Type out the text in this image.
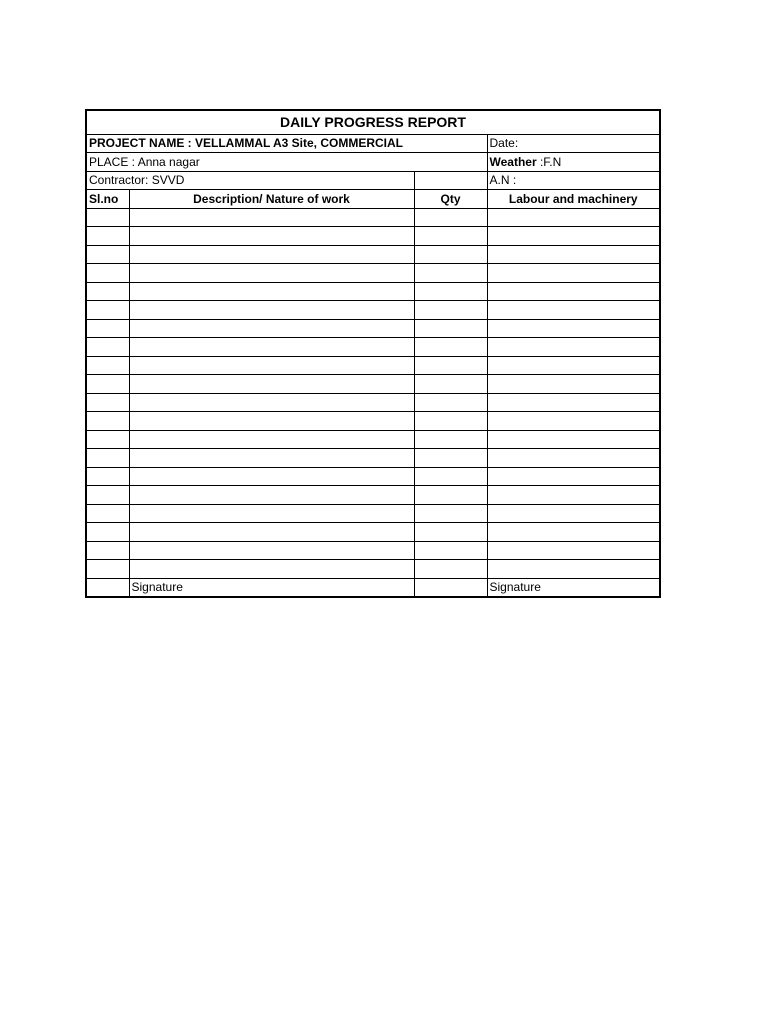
DAILY PROGRESS REPORT			
PROJECT NAME : VELLAMMAL A3 Site, COMMERCIAL			Date:
PLACE : Anna nagar			Weather :F.N
Contractor: SVVD			A.N :
Sl.no	Description/ Nature of work	Qty	Labour and machinery

	Signature		Signature
